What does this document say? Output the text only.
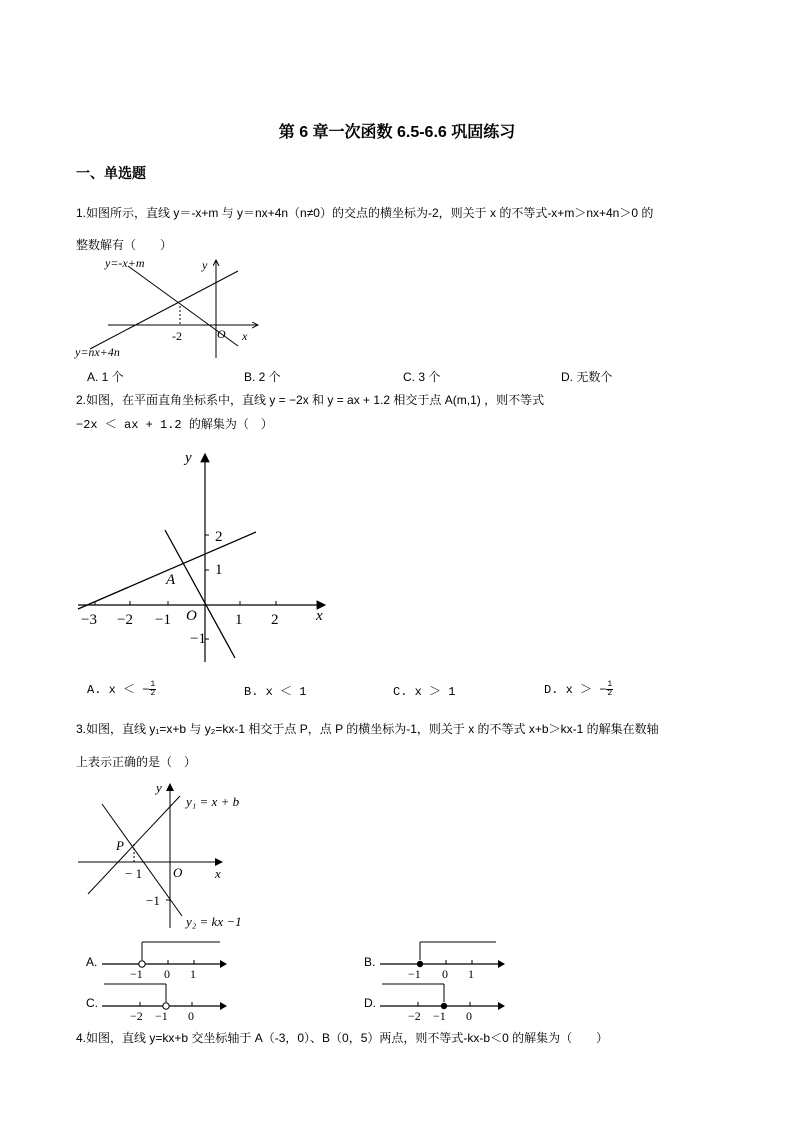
第 6 章一次函数 6.5-6.6 巩固练习
一、单选题
1.如图所示，直线 y＝-x+m 与 y＝nx+4n（n≠0）的交点的横坐标为-2，则关于 x 的不等式-x+m＞nx+4n＞0 的
整数解有（　　）
y=-x+m
y=nx+4n
y
x
O
-2
A. 1 个	B. 2 个	C. 3 个	D. 无数个
2.如图，在平面直角坐标系中，直线 y = −2x 和 y = ax + 1.2 相交于点 A(m,1) ，则不等式
−2x ＜ ax + 1.2 的解集为（　）
y
x
O
A
−3 −2 −1	1 2
2
1
−1
A. x ＜ − $\frac{1}{2}$	B. x ＜ 1	C. x ＞ 1	D. x ＞ − $\frac{1}{2}$
3.如图，直线 y₁=x+b 与 y₂=kx-1 相交于点 P，点 P 的横坐标为-1，则关于 x 的不等式 x+b＞kx-1 的解集在数轴
上表示正确的是（　）
y
x
O
P
− 1
−1
y₁ = x + b
y₂ = kx −1
A.
−1 0 1
B.
−1 0 1
C.
−2 −1 0
D.
−2 −1 0
4.如图，直线 y=kx+b 交坐标轴于 A（-3，0）、B（0，5）两点，则不等式-kx-b＜0 的解集为（　　）
